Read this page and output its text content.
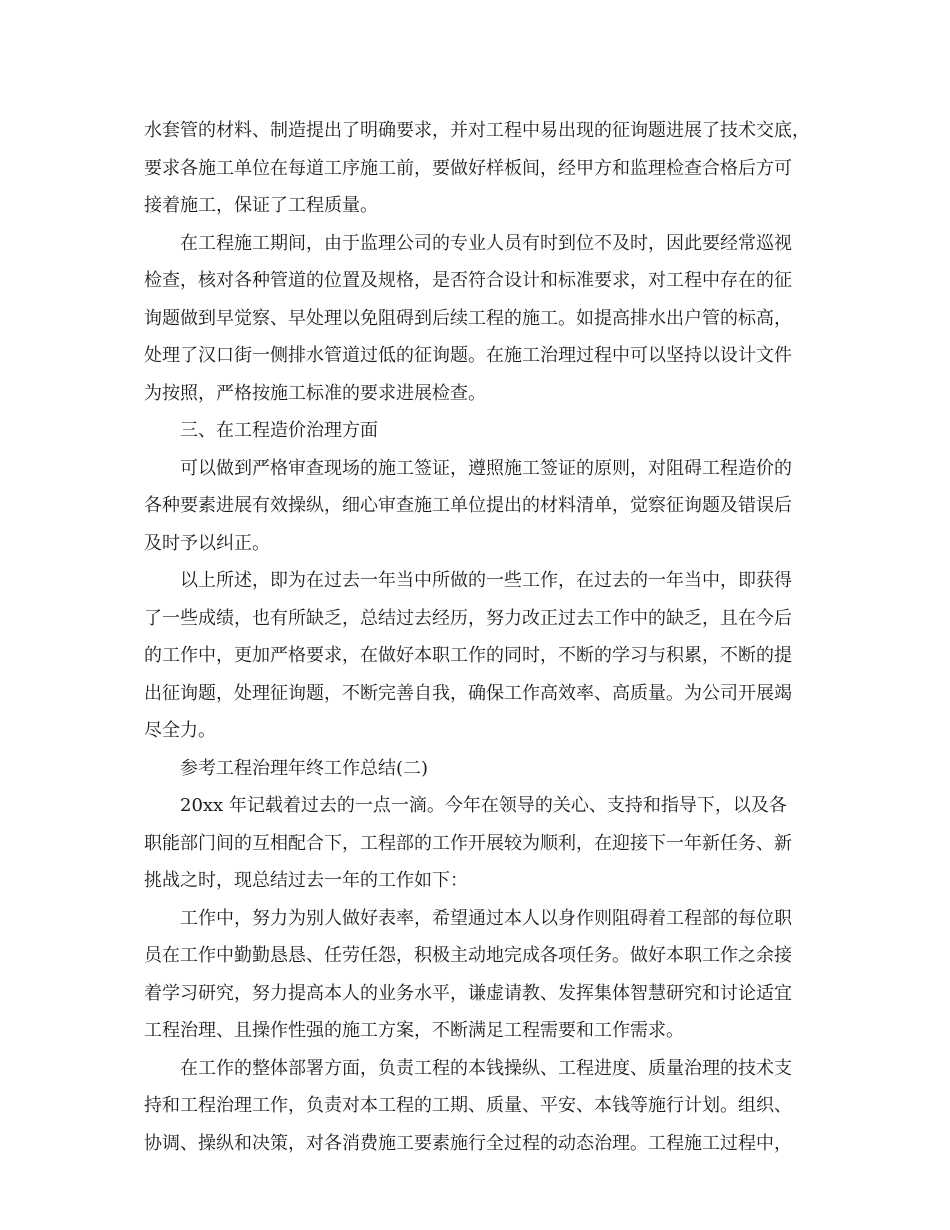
水套管的材料、制造提出了明确要求，并对工程中易出现的征询题进展了技术交底，
要求各施工单位在每道工序施工前，要做好样板间，经甲方和监理检查合格后方可
接着施工，保证了工程质量。
在工程施工期间，由于监理公司的专业人员有时到位不及时，因此要经常巡视
检查，核对各种管道的位置及规格，是否符合设计和标准要求，对工程中存在的征
询题做到早觉察、早处理以免阻碍到后续工程的施工。如提高排水出户管的标高，
处理了汉口街一侧排水管道过低的征询题。在施工治理过程中可以坚持以设计文件
为按照，严格按施工标准的要求进展检查。
三、在工程造价治理方面
可以做到严格审查现场的施工签证，遵照施工签证的原则，对阻碍工程造价的
各种要素进展有效操纵，细心审查施工单位提出的材料清单，觉察征询题及错误后
及时予以纠正。
以上所述，即为在过去一年当中所做的一些工作，在过去的一年当中，即获得
了一些成绩，也有所缺乏，总结过去经历，努力改正过去工作中的缺乏，且在今后
的工作中，更加严格要求，在做好本职工作的同时，不断的学习与积累，不断的提
出征询题，处理征询题，不断完善自我，确保工作高效率、高质量。为公司开展竭
尽全力。
参考工程治理年终工作总结(二)
20xx 年记载着过去的一点一滴。今年在领导的关心、支持和指导下，以及各
职能部门间的互相配合下，工程部的工作开展较为顺利，在迎接下一年新任务、新
挑战之时，现总结过去一年的工作如下：
工作中，努力为别人做好表率，希望通过本人以身作则阻碍着工程部的每位职
员在工作中勤勤恳恳、任劳任怨，积极主动地完成各项任务。做好本职工作之余接
着学习研究，努力提高本人的业务水平，谦虚请教、发挥集体智慧研究和讨论适宜
工程治理、且操作性强的施工方案，不断满足工程需要和工作需求。
在工作的整体部署方面，负责工程的本钱操纵、工程进度、质量治理的技术支
持和工程治理工作，负责对本工程的工期、质量、平安、本钱等施行计划。组织、
协调、操纵和决策，对各消费施工要素施行全过程的动态治理。工程施工过程中，
